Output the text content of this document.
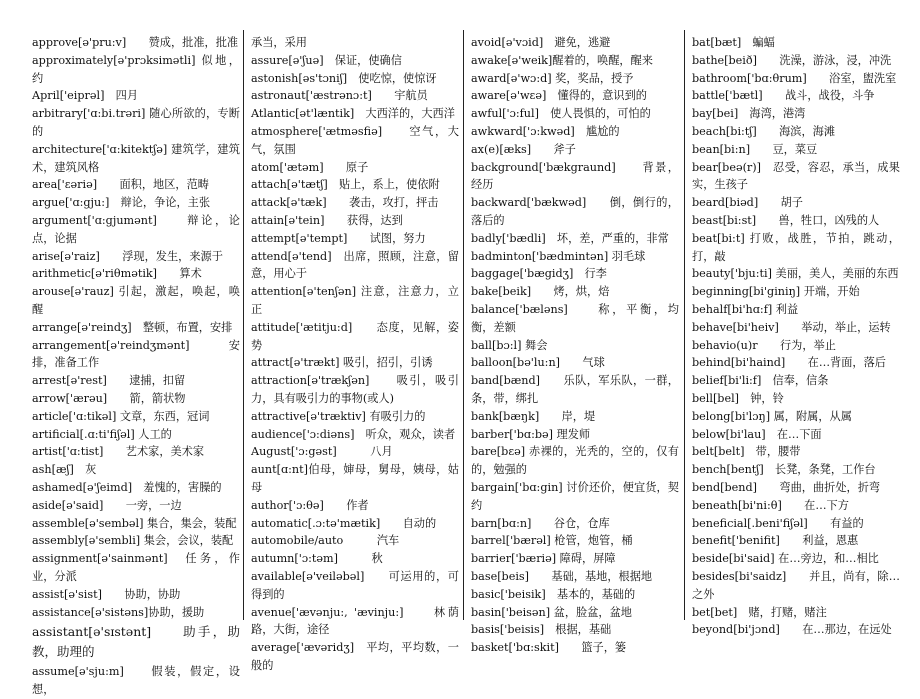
approve[ə'pru:v]　　赞成，批准，批准
approximately[ə'prɔksimətli] 似地，约
April['eiprəl]　四月
arbitrary['ɑ:bi.trəri] 随心所欲的，专断的
architecture['ɑ:kitektʃə] 建筑学，建筑术，建筑风格
area['εəriə]　　面积，地区，范畴
argue['ɑ:gju:]　辩论，争论，主张
argument['ɑ:gjumənt]　　辩论，论点，论据
arise[ə'raiz]　　浮现，发生，来源于
arithmetic[ə'riθmətik]　　算术
arouse[ə'rauz] 引起，激起，唤起，唤醒
arrange[ə'reindʒ]　整顿，布置，安排
arrangement[ə'reindʒmənt]　　安排，准备工作
arrest[ə'rest]　　逮捕，扣留
arrow['ærəu]　　箭，箭状物
article['ɑ:tikəl] 文章，东西，冠词
artificial[.ɑ:ti'fiʃəl] 人工的
artist['ɑ:tist]　　艺术家，美术家
ash[æʃ]　灰
ashamed[ə'ʃeimd]　羞愧的，害臊的
aside[ə'said]　　一旁，一边
assemble[ə'sembəl] 集合，集会，装配
assembly[ə'sembli] 集会，会议，装配
assignment[ə'sainmənt]　任务，作业，分派
assist[ə'sist]　　协助，协助
assistance[ə'sistəns]协助，援助
assistant[ə'sɪstənt]　　助手，助教，助理的
assume[ə'sju:m]　　假装，假定，设想，
承当，采用
assure[ə'ʃuə]　保证，使确信
astonish[əs'tɔniʃ]　使吃惊，使惊讶
astronaut['æstrənɔ:t]　　宇航员
Atlantic[ət'læntik]　大西洋的，大西洋
atmosphere['ætməsfiə]　　空气，大气，氛围
atom['ætəm]　　原子
attach[ə'tætʃ]　贴上，系上，使依附
attack[ə'tæk]　　袭击，攻打，抨击
attain[ə'tein]　　获得，达到
attempt[ə'tempt]　　试图，努力
attend[ə'tend]　出席，照顾，注意，留意，用心于
attention[ə'tenʃən] 注意，注意力，立正
attitude['ætitju:d]　　态度，见解，姿势
attract[ə'trækt] 吸引，招引，引诱
attraction[ə'trækʃən]　　吸引，吸引力，具有吸引力的事物(或人)
attractive[ə'træktiv] 有吸引力的
audience['ɔ:diəns]　听众，观众，读者
August['ɔ:gəst]　　　八月
aunt[ɑ:nt]伯母，婶母，舅母，姨母，姑母
author['ɔ:θə]　　作者
automatic[.ɔ:tə'mætik]　　自动的
automobile/auto　　　汽车
autumn['ɔ:təm]　　　秋
available[ə'veiləbəl]　　可运用的，可得到的
avenue['ævənju:, 'ævinju:]　　林荫路，大街，途径
average['ævəridʒ]　平均，平均数，一般的
avoid[ə'vɔid]　避免，逃避
awake[ə'weik]醒着的，唤醒，醒来
award[ə'wɔ:d] 奖，奖品，授予
aware[ə'wεə]　懂得的，意识到的
awful['ɔ:ful]　使人畏惧的，可怕的
awkward['ɔ:kwəd]　尴尬的
ax(e)[æks]　　斧子
background['bækgraund]　　背景，经历
backward['bækwəd]　　倒，倒行的，落后的
badly['bædli]　坏，差，严重的，非常
badminton['bædmintən] 羽毛球
baggage['bægidʒ]　行李
bake[beik]　　烤，烘，焙
balance['bæləns]　　称，平衡，均衡，差额
ball[bɔ:l] 舞会
balloon[bə'lu:n]　　气球
band[bænd]　　乐队，军乐队，一群，条，带，绑扎
bank[bæŋk]　　岸，堤
barber['bɑ:bə] 理发师
bare[bεə] 赤裸的，光秃的，空的，仅有的，勉强的
bargain['bɑ:gin] 讨价还价，便宜货，契约
barn[bɑ:n]　　谷仓，仓库
barrel['bærəl] 枪管，炮管，桶
barrier['bæriə] 障碍，屏障
base[beis]　　基础，基地，根据地
basic['beisik]　基本的，基础的
basin['beisən] 盆，脸盆，盆地
basis['beisis]　根据，基础
basket['bɑ:skit]　　篮子，篓
bat[bæt]　蝙蝠
bathe[beið]　　洗澡，游泳，浸，冲洗
bathroom['bɑ:θrum]　　浴室，盥洗室
battle['bætl]　　战斗，战役，斗争
bay[bei]　海湾，港湾
beach[bi:tʃ]　　海滨，海滩
bean[bi:n]　　豆，菜豆
bear[beə(r)]　忍受，容忍，承当，成果实，生孩子
beard[biəd]　　胡子
beast[bi:st]　　兽，牲口，凶残的人
beat[bi:t] 打败，战胜，节拍，跳动，打，敲
beauty['bju:ti] 美丽，美人，美丽的东西
beginning[bi'giniŋ] 开端，开始
behalf[bi'hɑ:f] 利益
behave[bi'heiv]　　举动，举止，运转
behavio(u)r　　行为，举止
behind[bi'haind]　　在…背面，落后
belief[bi'li:f]　信奉，信条
bell[bel]　钟，铃
belong[bi'lɔŋ] 属，附属，从属
below[bi'lau]　在…下面
belt[belt]　带，腰带
bench[bentʃ]　长凳，条凳，工作台
bend[bend]　　弯曲，曲折处，折弯
beneath[bi'ni:θ]　　在…下方
beneficial[.beni'fiʃəl]　　有益的
benefit['benifit]　　利益，恩惠
beside[bi'said] 在…旁边，和…相比
besides[bi'saidz]　　并且，尚有，除…之外
bet[bet]　赌，打赌，赌注
beyond[bi'jɔnd]　　在…那边，在远处
